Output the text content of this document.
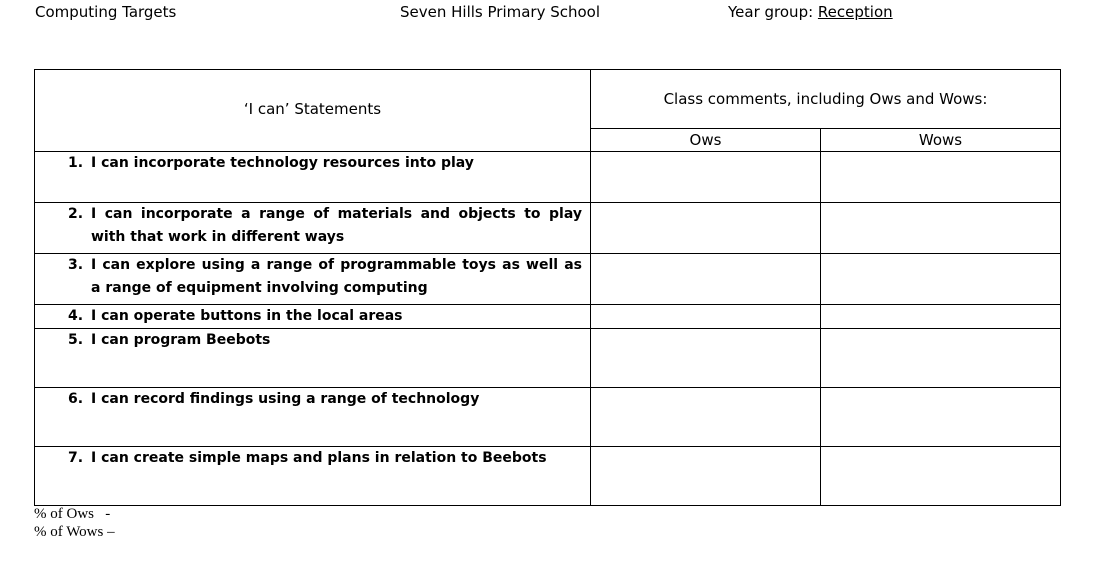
Computing Targets	Seven Hills Primary School	Year group: Reception
‘I can’ Statements	Class comments, including Ows and Wows:	
	Ows	Wows

1. I can incorporate technology resources into play		

2. I can incorporate a range of materials and objects to play with that work in different ways		

3. I can explore using a range of programmable toys as well as a range of equipment involving computing		

4. I can operate buttons in the local areas		

5. I can program Beebots		

6. I can record findings using a range of technology		

7. I can create simple maps and plans in relation to Beebots		

% of Ows   -
% of Wows –
